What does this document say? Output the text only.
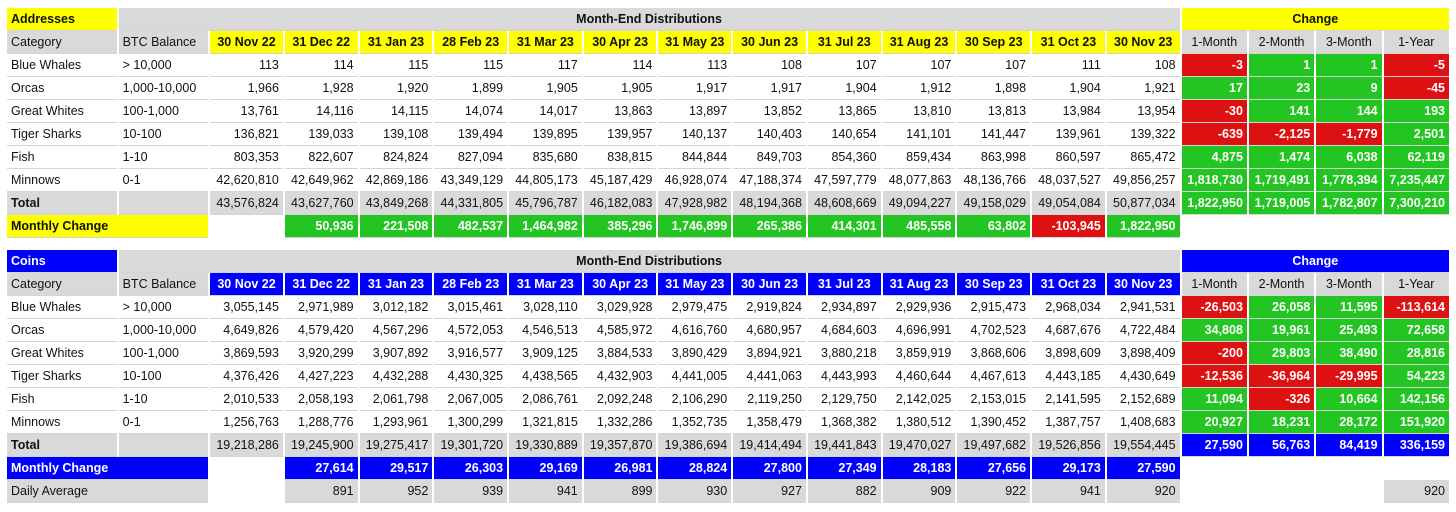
Addresses	Month-End Distributions														Change			
Category	BTC Balance	30 Nov 22	31 Dec 22	31 Jan 23	28 Feb 23	31 Mar 23	30 Apr 23	31 May 23	30 Jun 23	31 Jul 23	31 Aug 23	30 Sep 23	31 Oct 23	30 Nov 23	1-Month	2-Month	3-Month	1-Year
Blue Whales	> 10,000	113	114	115	115	117	114	113	108	107	107	107	111	108	-3	1	1	-5
Orcas	1,000-10,000	1,966	1,928	1,920	1,899	1,905	1,905	1,917	1,917	1,904	1,912	1,898	1,904	1,921	17	23	9	-45
Great Whites	100-1,000	13,761	14,116	14,115	14,074	14,017	13,863	13,897	13,852	13,865	13,810	13,813	13,984	13,954	-30	141	144	193
Tiger Sharks	10-100	136,821	139,033	139,108	139,494	139,895	139,957	140,137	140,403	140,654	141,101	141,447	139,961	139,322	-639	-2,125	-1,779	2,501
Fish	1-10	803,353	822,607	824,824	827,094	835,680	838,815	844,844	849,703	854,360	859,434	863,998	860,597	865,472	4,875	1,474	6,038	62,119
Minnows	0-1	42,620,810	42,649,962	42,869,186	43,349,129	44,805,173	45,187,429	46,928,074	47,188,374	47,597,779	48,077,863	48,136,766	48,037,527	49,856,257	1,818,730	1,719,491	1,778,394	7,235,447
Total		43,576,824	43,627,760	43,849,268	44,331,805	45,796,787	46,182,083	47,928,982	48,194,368	48,608,669	49,094,227	49,158,029	49,054,084	50,877,034	1,822,950	1,719,005	1,782,807	7,300,210
Monthly Change			50,936	221,508	482,537	1,464,982	385,296	1,746,899	265,386	414,301	485,558	63,802	-103,945	1,822,950				

Coins	Month-End Distributions														Change			
Category	BTC Balance	30 Nov 22	31 Dec 22	31 Jan 23	28 Feb 23	31 Mar 23	30 Apr 23	31 May 23	30 Jun 23	31 Jul 23	31 Aug 23	30 Sep 23	31 Oct 23	30 Nov 23	1-Month	2-Month	3-Month	1-Year
Blue Whales	> 10,000	3,055,145	2,971,989	3,012,182	3,015,461	3,028,110	3,029,928	2,979,475	2,919,824	2,934,897	2,929,936	2,915,473	2,968,034	2,941,531	-26,503	26,058	11,595	-113,614
Orcas	1,000-10,000	4,649,826	4,579,420	4,567,296	4,572,053	4,546,513	4,585,972	4,616,760	4,680,957	4,684,603	4,696,991	4,702,523	4,687,676	4,722,484	34,808	19,961	25,493	72,658
Great Whites	100-1,000	3,869,593	3,920,299	3,907,892	3,916,577	3,909,125	3,884,533	3,890,429	3,894,921	3,880,218	3,859,919	3,868,606	3,898,609	3,898,409	-200	29,803	38,490	28,816
Tiger Sharks	10-100	4,376,426	4,427,223	4,432,288	4,430,325	4,438,565	4,432,903	4,441,005	4,441,063	4,443,993	4,460,644	4,467,613	4,443,185	4,430,649	-12,536	-36,964	-29,995	54,223
Fish	1-10	2,010,533	2,058,193	2,061,798	2,067,005	2,086,761	2,092,248	2,106,290	2,119,250	2,129,750	2,142,025	2,153,015	2,141,595	2,152,689	11,094	-326	10,664	142,156
Minnows	0-1	1,256,763	1,288,776	1,293,961	1,300,299	1,321,815	1,332,286	1,352,735	1,358,479	1,368,382	1,380,512	1,390,452	1,387,757	1,408,683	20,927	18,231	28,172	151,920
Total		19,218,286	19,245,900	19,275,417	19,301,720	19,330,889	19,357,870	19,386,694	19,414,494	19,441,843	19,470,027	19,497,682	19,526,856	19,554,445	27,590	56,763	84,419	336,159
Monthly Change			27,614	29,517	26,303	29,169	26,981	28,824	27,800	27,349	28,183	27,656	29,173	27,590				
Daily Average			891	952	939	941	899	930	927	882	909	922	941	920				920
